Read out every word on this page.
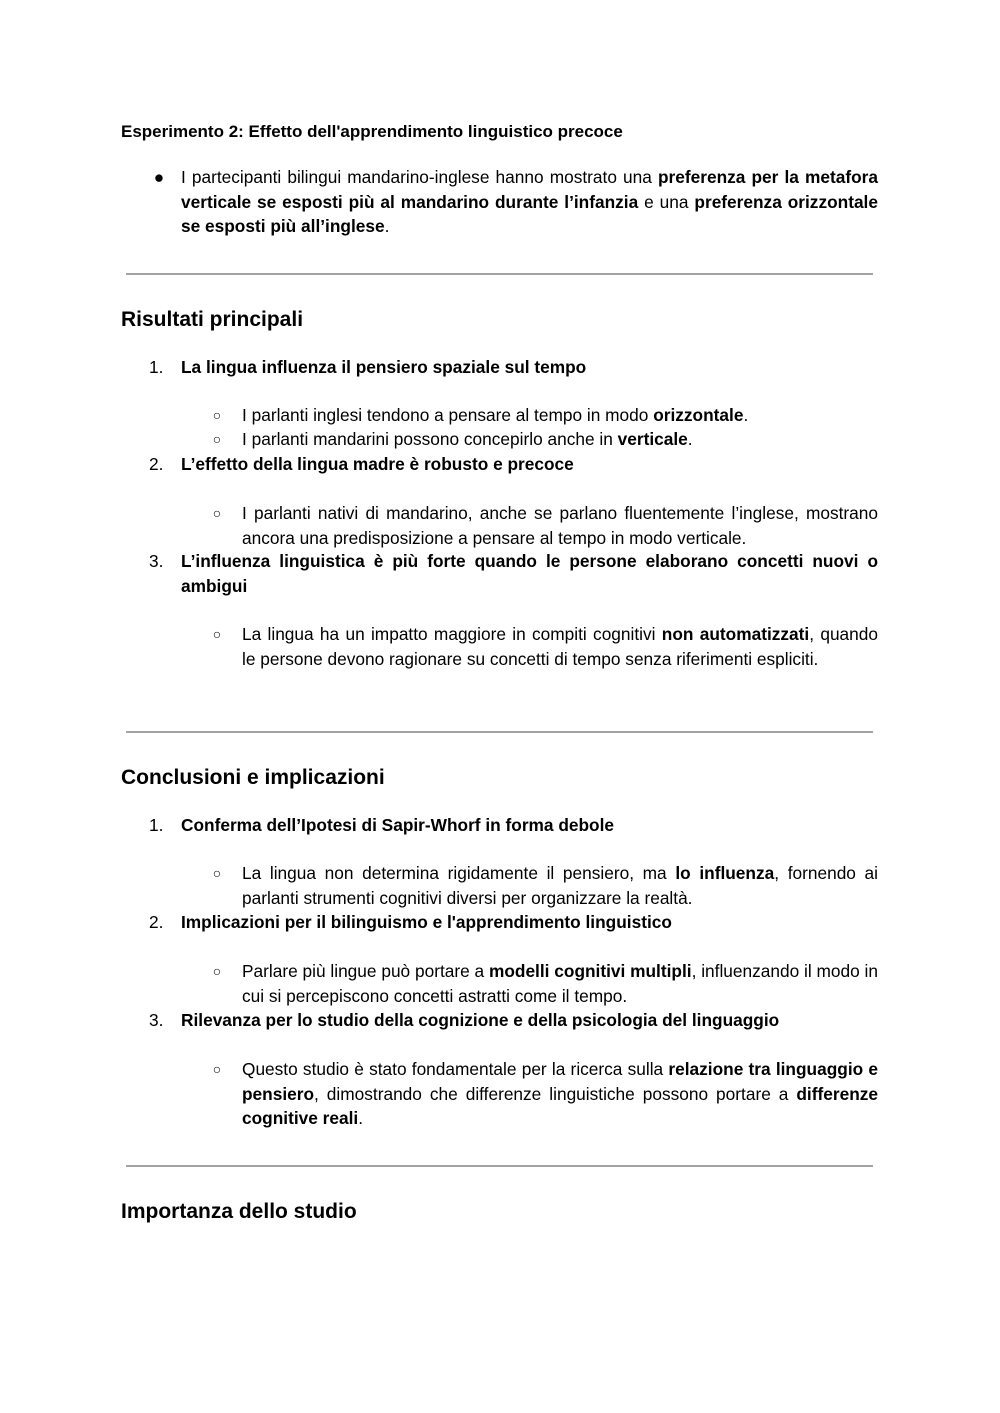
Esperimento 2: Effetto dell'apprendimento linguistico precoce
● I partecipanti bilingui mandarino-inglese hanno mostrato una preferenza per la metafora verticale se esposti più al mandarino durante l’infanzia e una preferenza orizzontale se esposti più all’inglese.
Risultati principali
1.	La lingua influenza il pensiero spaziale sul tempo
○ I parlanti inglesi tendono a pensare al tempo in modo orizzontale.
○ I parlanti mandarini possono concepirlo anche in verticale.
2.	L’effetto della lingua madre è robusto e precoce
○ I parlanti nativi di mandarino, anche se parlano fluentemente l’inglese, mostrano ancora una predisposizione a pensare al tempo in modo verticale.
3.	L’influenza linguistica è più forte quando le persone elaborano concetti nuovi o ambigui
○ La lingua ha un impatto maggiore in compiti cognitivi non automatizzati, quando le persone devono ragionare su concetti di tempo senza riferimenti espliciti.
Conclusioni e implicazioni
1.	Conferma dell’Ipotesi di Sapir-Whorf in forma debole
○ La lingua non determina rigidamente il pensiero, ma lo influenza, fornendo ai parlanti strumenti cognitivi diversi per organizzare la realtà.
2.	Implicazioni per il bilinguismo e l'apprendimento linguistico
○ Parlare più lingue può portare a modelli cognitivi multipli, influenzando il modo in cui si percepiscono concetti astratti come il tempo.
3.	Rilevanza per lo studio della cognizione e della psicologia del linguaggio
○ Questo studio è stato fondamentale per la ricerca sulla relazione tra linguaggio e pensiero, dimostrando che differenze linguistiche possono portare a differenze cognitive reali.
Importanza dello studio
